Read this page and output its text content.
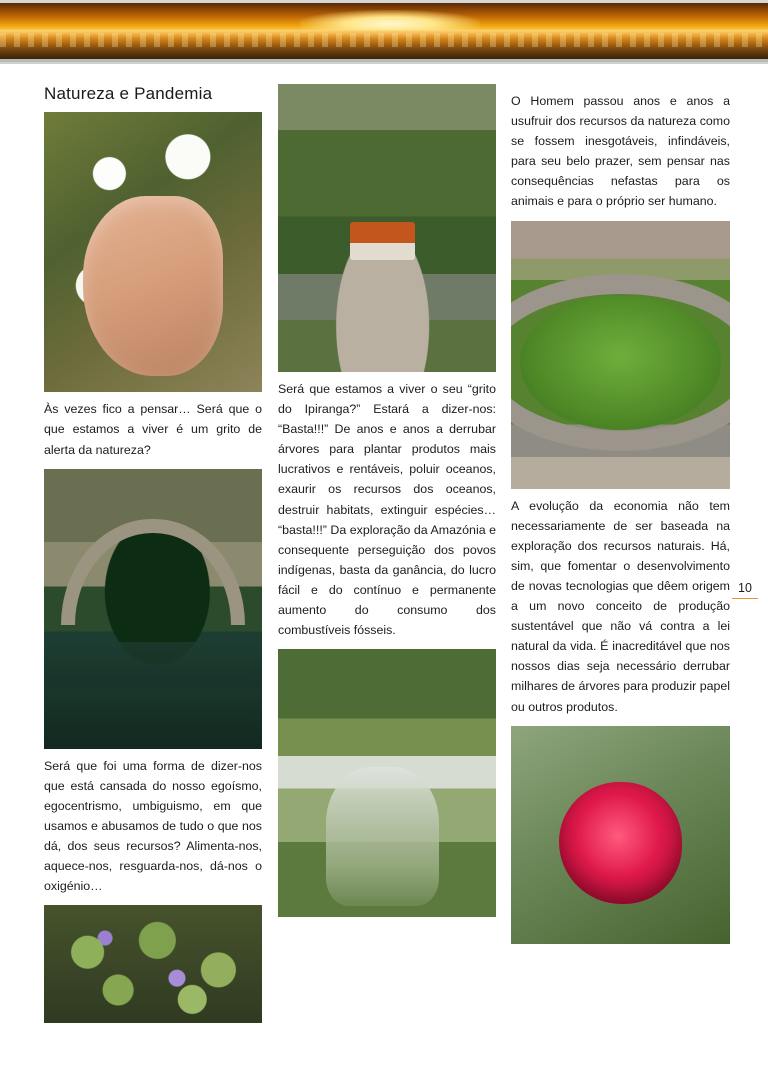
Natureza e Pandemia

Às vezes fico a pensar… Será que o que estamos a viver é um grito de alerta da natureza?

Será que foi uma forma de dizer-nos que está cansada do nosso egoísmo, egocentrismo, umbiguismo, em que usamos e abusamos de tudo o que nos dá, dos seus recursos? Alimenta-nos, aquece-nos, resguarda-nos, dá-nos o oxigénio…

Será que estamos a viver o seu “grito do Ipiranga?” Estará a dizer-nos: “Basta!!!” De anos e anos a derrubar árvores para plantar produtos mais lucrativos e rentáveis, poluir oceanos, exaurir os recursos dos oceanos, destruir habitats, extinguir espécies… “basta!!!” Da exploração da Amazónia e consequente perseguição dos povos indígenas, basta da ganância, do lucro fácil e do contínuo e permanente aumento do consumo dos combustíveis fósseis.

O Homem passou anos e anos a usufruir dos recursos da natureza como se fossem inesgotáveis, infindáveis, para seu belo prazer, sem pensar nas consequências nefastas para os animais e para o próprio ser humano.

A evolução da economia não tem necessariamente de ser baseada na exploração dos recursos naturais. Há, sim, que fomentar o desenvolvimento de novas tecnologias que dêem origem a um novo conceito de produção sustentável que não vá contra a lei natural da vida. É inacreditável que nos nossos dias seja necessário derrubar milhares de árvores para produzir papel ou outros produtos.

10
